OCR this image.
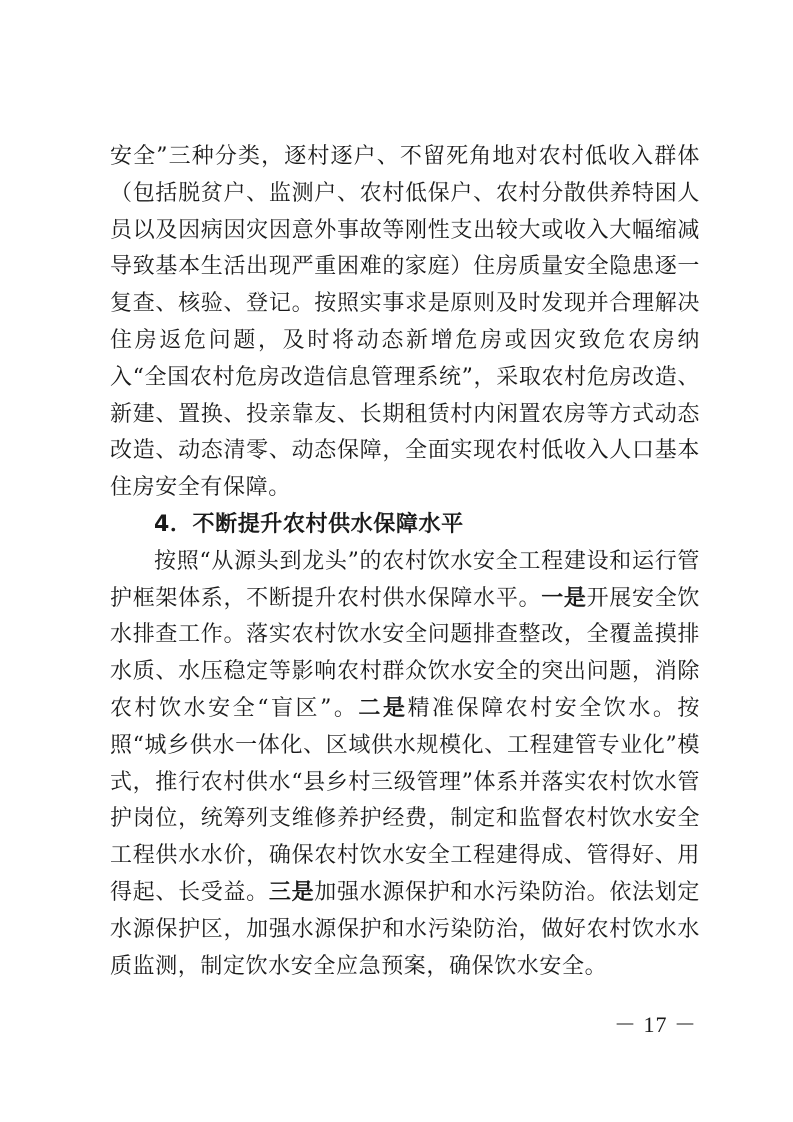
安全”三种分类，逐村逐户、不留死角地对农村低收入群体（包括脱贫户、监测户、农村低保户、农村分散供养特困人员以及因病因灾因意外事故等刚性支出较大或收入大幅缩减导致基本生活出现严重困难的家庭）住房质量安全隐患逐一复查、核验、登记。按照实事求是原则及时发现并合理解决住房返危问题，及时将动态新增危房或因灾致危农房纳入“全国农村危房改造信息管理系统”，采取农村危房改造、新建、置换、投亲靠友、长期租赁村内闲置农房等方式动态改造、动态清零、动态保障，全面实现农村低收入人口基本住房安全有保障。

4．不断提升农村供水保障水平

按照“从源头到龙头”的农村饮水安全工程建设和运行管护框架体系，不断提升农村供水保障水平。一是开展安全饮水排查工作。落实农村饮水安全问题排查整改，全覆盖摸排水质、水压稳定等影响农村群众饮水安全的突出问题，消除农村饮水安全“盲区”。二是精准保障农村安全饮水。按照“城乡供水一体化、区域供水规模化、工程建管专业化”模式，推行农村供水“县乡村三级管理”体系并落实农村饮水管护岗位，统筹列支维修养护经费，制定和监督农村饮水安全工程供水水价，确保农村饮水安全工程建得成、管得好、用得起、长受益。三是加强水源保护和水污染防治。依法划定水源保护区，加强水源保护和水污染防治，做好农村饮水水质监测，制定饮水安全应急预案，确保饮水安全。

－ 17 －
